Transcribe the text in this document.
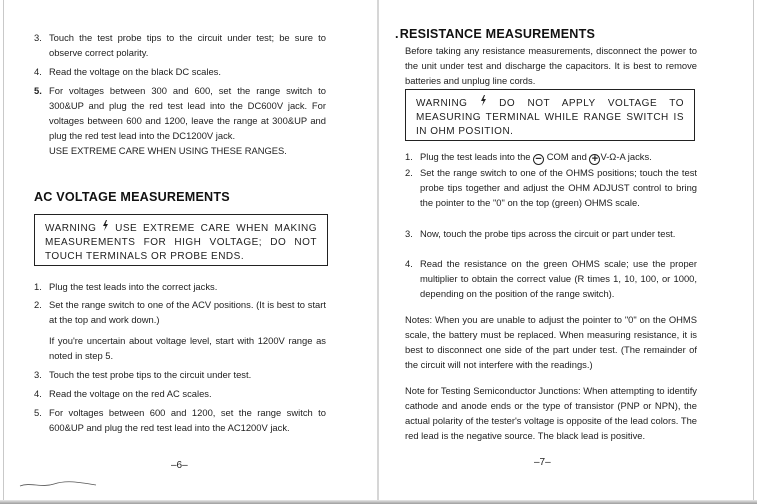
3. Touch the test probe tips to the circuit under test; be sure to observe correct polarity.
4. Read the voltage on the black DC scales.
5. For voltages between 300 and 600, set the range switch to 300&UP and plug the red test lead into the DC600V jack. For voltages between 600 and 1200, leave the range at 300&UP and plug the red test lead into the DC1200V jack.
USE EXTREME CARE WHEN USING THESE RANGES.
AC VOLTAGE MEASUREMENTS
WARNING USE EXTREME CARE WHEN MAKING MEASUREMENTS FOR HIGH VOLTAGE; DO NOT TOUCH TERMINALS OR PROBE ENDS.
1. Plug the test leads into the correct jacks.
2. Set the range switch to one of the ACV positions. (It is best to start at the top and work down.)
If you're uncertain about voltage level, start with 1200V range as noted in step 5.
3. Touch the test probe tips to the circuit under test.
4. Read the voltage on the red AC scales.
5. For voltages between 600 and 1200, set the range switch to 600&UP and plug the red test lead into the AC1200V jack.
–6–
.RESISTANCE MEASUREMENTS
Before taking any resistance measurements, disconnect the power to the unit under test and discharge the capacitors. It is best to remove batteries and unplug line cords.
WARNING	DO NOT APPLY VOLTAGE TO MEASURING TERMINAL WHILE RANGE SWITCH IS IN OHM POSITION.
1. Plug the test leads into the − COM and + V-Ω-A jacks.
2. Set the range switch to one of the OHMS positions; touch the test probe tips together and adjust the OHM ADJUST control to bring the pointer to the "0" on the top (green) OHMS scale.
3. Now, touch the probe tips across the circuit or part under test.
4. Read the resistance on the green OHMS scale; use the proper multiplier to obtain the correct value (R times 1, 10, 100, or 1000, depending on the position of the range switch).
Notes: When you are unable to adjust the pointer to "0" on the OHMS scale, the battery must be replaced. When measuring resistance, it is best to disconnect one side of the part under test. (The remainder of the circuit will not interfere with the readings.)
Note for Testing Semiconductor Junctions: When attempting to identify cathode and anode ends or the type of transistor (PNP or NPN), the actual polarity of the tester's voltage is opposite of the lead colors. The red lead is the negative source. The black lead is positive.
–7–
